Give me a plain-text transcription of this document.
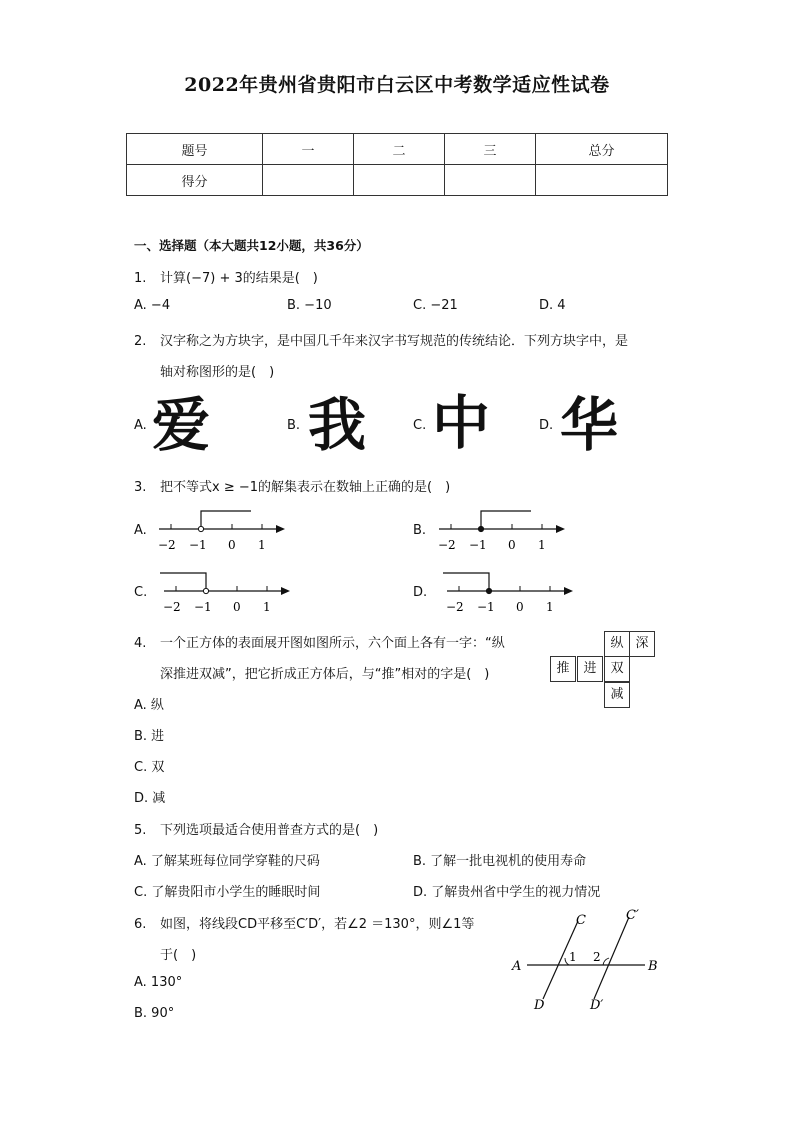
2022年贵州省贵阳市白云区中考数学适应性试卷
题号	一	二	三	总分
得分				
一、选择题（本大题共12小题，共36分）
1. 计算(−7) + 3的结果是(　)
A. −4	B. −10	C. −21	D. 4
2. 汉字称之为方块字，是中国几千年来汉字书写规范的传统结论．下列方块字中，是
轴对称图形的是(　)
A. 爱	B. 我	C. 中	D. 华
3. 把不等式x ≥ −1的解集表示在数轴上正确的是(　)
A.
−2 −1 0 1
B.
−2 −1 0 1
C.
−2 −1 0 1
D.
−2 −1 0 1
4. 一个正方体的表面展开图如图所示，六个面上各有一字：“纵
深推进双减”，把它折成正方体后，与“推”相对的字是(　)
纵 深
推	进	双
减
A. 纵
B. 进
C. 双
D. 减
5. 下列选项最适合使用普查方式的是(　)
A. 了解某班每位同学穿鞋的尺码	B. 了解一批电视机的使用寿命
C. 了解贵阳市小学生的睡眠时间	D. 了解贵州省中学生的视力情况
6. 如图，将线段CD平移至C′D′，若∠2 ＝130°，则∠1等
于(　)
A. 130°
B. 90°
A	B
C
D
C′
D′
1 2
